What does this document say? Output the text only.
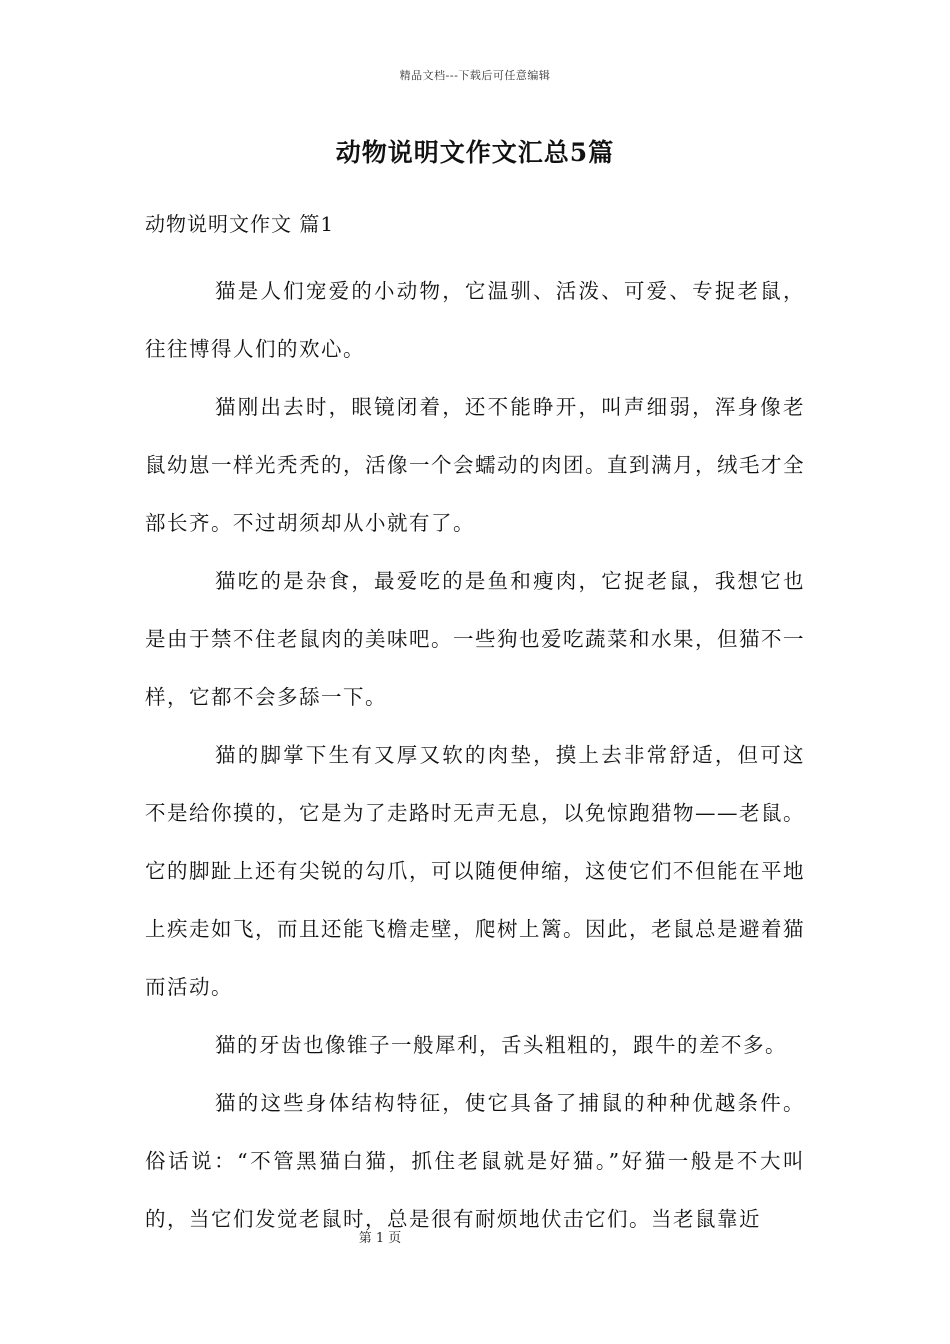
精品文档---下载后可任意编辑
动物说明文作文汇总5篇
动物说明文作文 篇1

猫是人们宠爱的小动物，它温驯、活泼、可爱、专捉老鼠，往往博得人们的欢心。

猫刚出去时，眼镜闭着，还不能睁开，叫声细弱，浑身像老鼠幼崽一样光秃秃的，活像一个会蠕动的肉团。直到满月，绒毛才全部长齐。不过胡须却从小就有了。

猫吃的是杂食，最爱吃的是鱼和瘦肉，它捉老鼠，我想它也是由于禁不住老鼠肉的美味吧。一些狗也爱吃蔬菜和水果，但猫不一样，它都不会多舔一下。

猫的脚掌下生有又厚又软的肉垫，摸上去非常舒适，但可这不是给你摸的，它是为了走路时无声无息，以免惊跑猎物——老鼠。它的脚趾上还有尖锐的勾爪，可以随便伸缩，这使它们不但能在平地上疾走如飞，而且还能飞檐走壁，爬树上篱。因此，老鼠总是避着猫而活动。

猫的牙齿也像锥子一般犀利，舌头粗粗的，跟牛的差不多。

猫的这些身体结构特征，使它具备了捕鼠的种种优越条件。俗话说：“不管黑猫白猫，抓住老鼠就是好猫。”好猫一般是不大叫的，当它们发觉老鼠时，总是很有耐烦地伏击它们。当老鼠靠近

第 1 页
